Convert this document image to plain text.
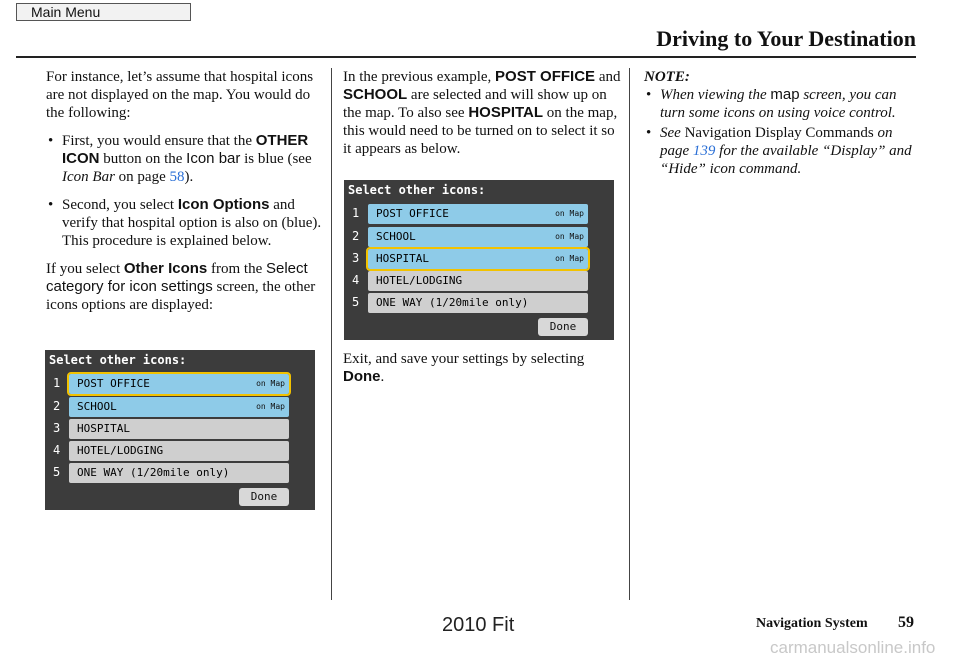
Main Menu
Driving to Your Destination

For instance, let’s assume that hospital icons are not displayed on the map. You would do the following:

• First, you would ensure that the OTHER ICON button on the Icon bar is blue (see Icon Bar on page 58).
• Second, you select Icon Options and verify that hospital option is also on (blue). This procedure is explained below.

If you select Other Icons from the Select category for icon settings screen, the other icons options are displayed:

Select other icons:
1	POST OFFICE	on Map
2	SCHOOL	on Map
3	HOSPITAL
4	HOTEL/LODGING
5	ONE WAY (1/20mile only)
Done

In the previous example, POST OFFICE and SCHOOL are selected and will show up on the map. To also see HOSPITAL on the map, this would need to be turned on to select it so it appears as below.

Select other icons:
1	POST OFFICE	on Map
2	SCHOOL	on Map
3	HOSPITAL	on Map
4	HOTEL/LODGING
5	ONE WAY (1/20mile only)
Done

Exit, and save your settings by selecting Done.

NOTE:
• When viewing the map screen, you can turn some icons on using voice control.
• See Navigation Display Commands on page 139 for the available “Display” and “Hide” icon command.
2010 Fit	Navigation System 59
carmanualsonline.info
